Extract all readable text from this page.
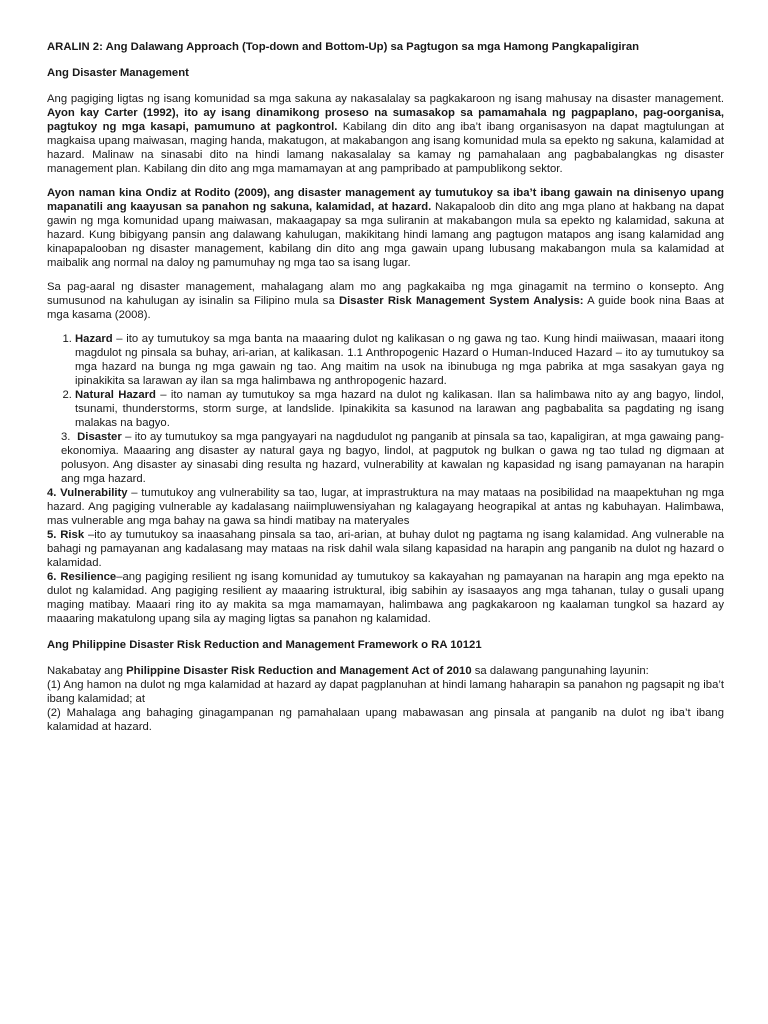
ARALIN 2: Ang Dalawang Approach (Top-down and Bottom-Up) sa Pagtugon sa mga Hamong Pangkapaligiran
Ang Disaster Management

Ang pagiging ligtas ng isang komunidad sa mga sakuna ay nakasalalay sa pagkakaroon ng isang mahusay na disaster management. Ayon kay Carter (1992), ito ay isang dinamikong proseso na sumasakop sa pamamahala ng pagpaplano, pag-oorganisa, pagtukoy ng mga kasapi, pamumuno at pagkontrol. Kabilang din dito ang iba’t ibang organisasyon na dapat magtulungan at magkaisa upang maiwasan, maging handa, makatugon, at makabangon ang isang komunidad mula sa epekto ng sakuna, kalamidad at hazard. Malinaw na sinasabi dito na hindi lamang nakasalalay sa kamay ng pamahalaan ang pagbabalangkas ng disaster management plan. Kabilang din dito ang mga mamamayan at ang pampribado at pampublikong sektor.

Ayon naman kina Ondiz at Rodito (2009), ang disaster management ay tumutukoy sa iba’t ibang gawain na dinisenyo upang mapanatili ang kaayusan sa panahon ng sakuna, kalamidad, at hazard. Nakapaloob din dito ang mga plano at hakbang na dapat gawin ng mga komunidad upang maiwasan, makaagapay sa mga suliranin at makabangon mula sa epekto ng kalamidad, sakuna at hazard. Kung bibigyang pansin ang dalawang kahulugan, makikitang hindi lamang ang pagtugon matapos ang isang kalamidad ang kinapapalooban ng disaster management, kabilang din dito ang mga gawain upang lubusang makabangon mula sa kalamidad at maibalik ang normal na daloy ng pamumuhay ng mga tao sa isang lugar.

Sa pag-aaral ng disaster management, mahalagang alam mo ang pagkakaiba ng mga ginagamit na termino o konsepto. Ang sumusunod na kahulugan ay isinalin sa Filipino mula sa Disaster Risk Management System Analysis: A guide book nina Baas at mga kasama (2008).

1. Hazard – ito ay tumutukoy sa mga banta na maaaring dulot ng kalikasan o ng gawa ng tao. Kung hindi maiiwasan, maaari itong magdulot ng pinsala sa buhay, ari-arian, at kalikasan. 1.1 Anthropogenic Hazard o Human-Induced Hazard – ito ay tumutukoy sa mga hazard na bunga ng mga gawain ng tao. Ang maitim na usok na ibinubuga ng mga pabrika at mga sasakyan gaya ng ipinakikita sa larawan ay ilan sa mga halimbawa ng anthropogenic hazard.
2. Natural Hazard – ito naman ay tumutukoy sa mga hazard na dulot ng kalikasan. Ilan sa halimbawa nito ay ang bagyo, lindol, tsunami, thunderstorms, storm surge, at landslide. Ipinakikita sa kasunod na larawan ang pagbabalita sa pagdating ng isang malakas na bagyo.
3. Disaster – ito ay tumutukoy sa mga pangyayari na nagdudulot ng panganib at pinsala sa tao, kapaligiran, at mga gawaing pang-ekonomiya. Maaaring ang disaster ay natural gaya ng bagyo, lindol, at pagputok ng bulkan o gawa ng tao tulad ng digmaan at polusyon. Ang disaster ay sinasabi ding resulta ng hazard, vulnerability at kawalan ng kapasidad ng isang pamayanan na harapin ang mga hazard.
4. Vulnerability – tumutukoy ang vulnerability sa tao, lugar, at imprastruktura na may mataas na posibilidad na maapektuhan ng mga hazard. Ang pagiging vulnerable ay kadalasang naiimpluwensiyahan ng kalagayang heograpikal at antas ng kabuhayan. Halimbawa, mas vulnerable ang mga bahay na gawa sa hindi matibay na materyales
5. Risk –ito ay tumutukoy sa inaasahang pinsala sa tao, ari-arian, at buhay dulot ng pagtama ng isang kalamidad. Ang vulnerable na bahagi ng pamayanan ang kadalasang may mataas na risk dahil wala silang kapasidad na harapin ang panganib na dulot ng hazard o kalamidad.
6. Resilience–ang pagiging resilient ng isang komunidad ay tumutukoy sa kakayahan ng pamayanan na harapin ang mga epekto na dulot ng kalamidad. Ang pagiging resilient ay maaaring istruktural, ibig sabihin ay isasaayos ang mga tahanan, tulay o gusali upang maging matibay. Maaari ring ito ay makita sa mga mamamayan, halimbawa ang pagkakaroon ng kaalaman tungkol sa hazard ay maaaring makatulong upang sila ay maging ligtas sa panahon ng kalamidad.
Ang Philippine Disaster Risk Reduction and Management Framework o RA 10121
Nakabatay ang Philippine Disaster Risk Reduction and Management Act of 2010 sa dalawang pangunahing layunin:
(1) Ang hamon na dulot ng mga kalamidad at hazard ay dapat pagplanuhan at hindi lamang haharapin sa panahon ng pagsapit ng iba’t ibang kalamidad; at
(2) Mahalaga ang bahaging ginagampanan ng pamahalaan upang mabawasan ang pinsala at panganib na dulot ng iba’t ibang kalamidad at hazard.
